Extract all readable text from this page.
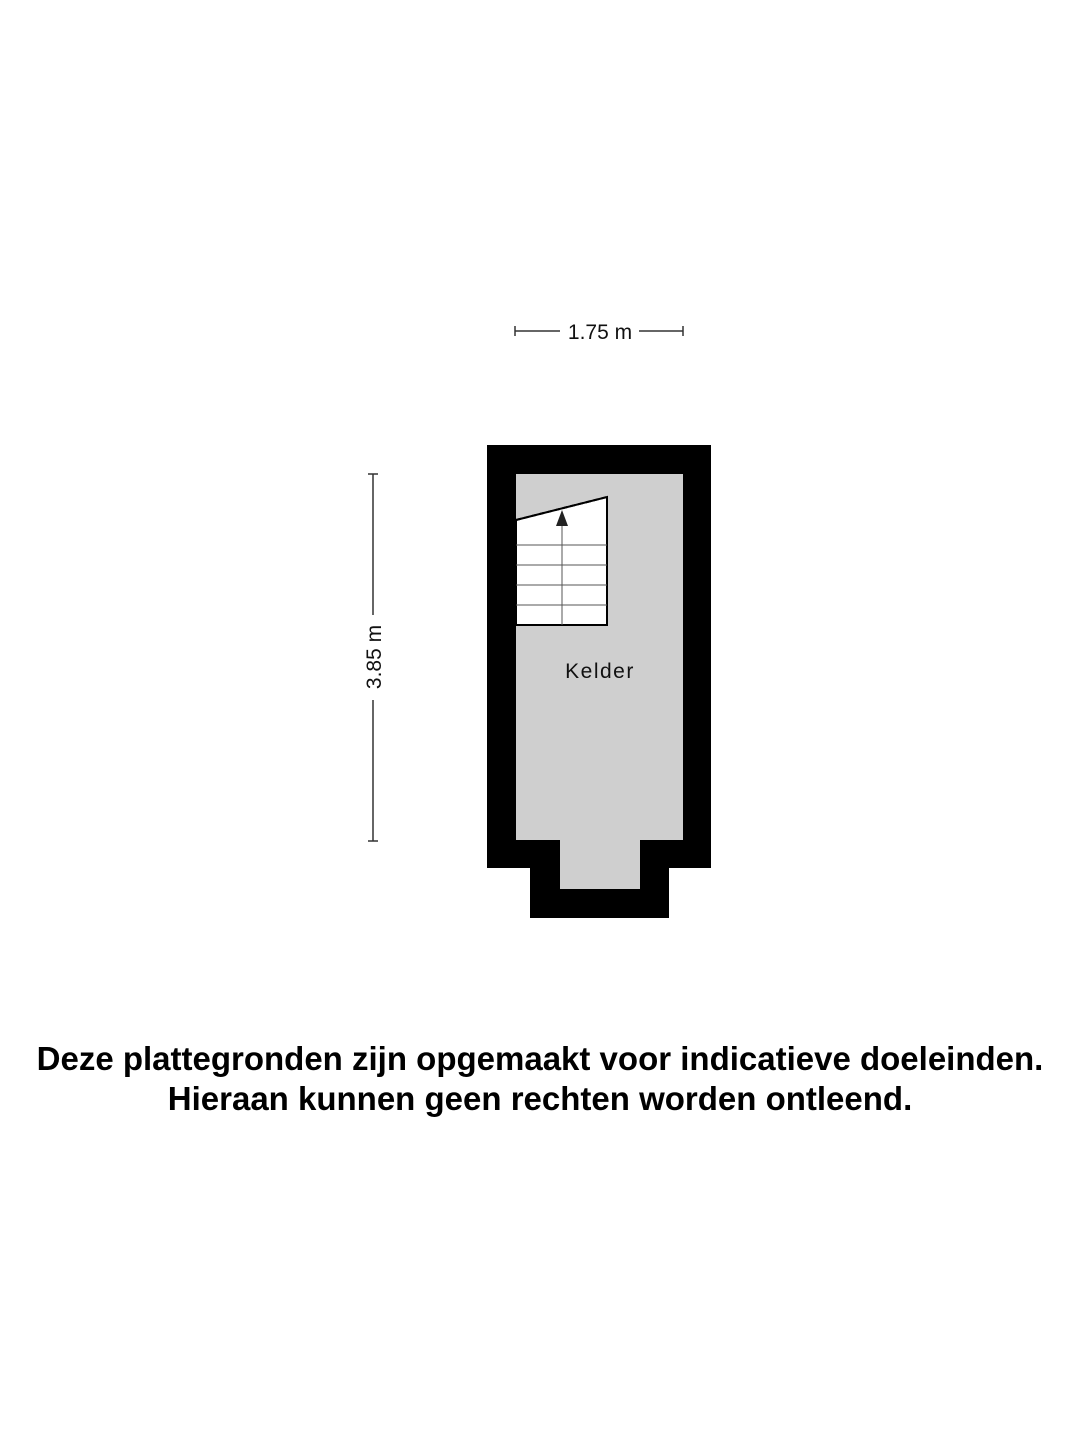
1.75 m
3.85 m	Kelder
Deze plattegronden zijn opgemaakt voor indicatieve doeleinden.
Hieraan kunnen geen rechten worden ontleend.
